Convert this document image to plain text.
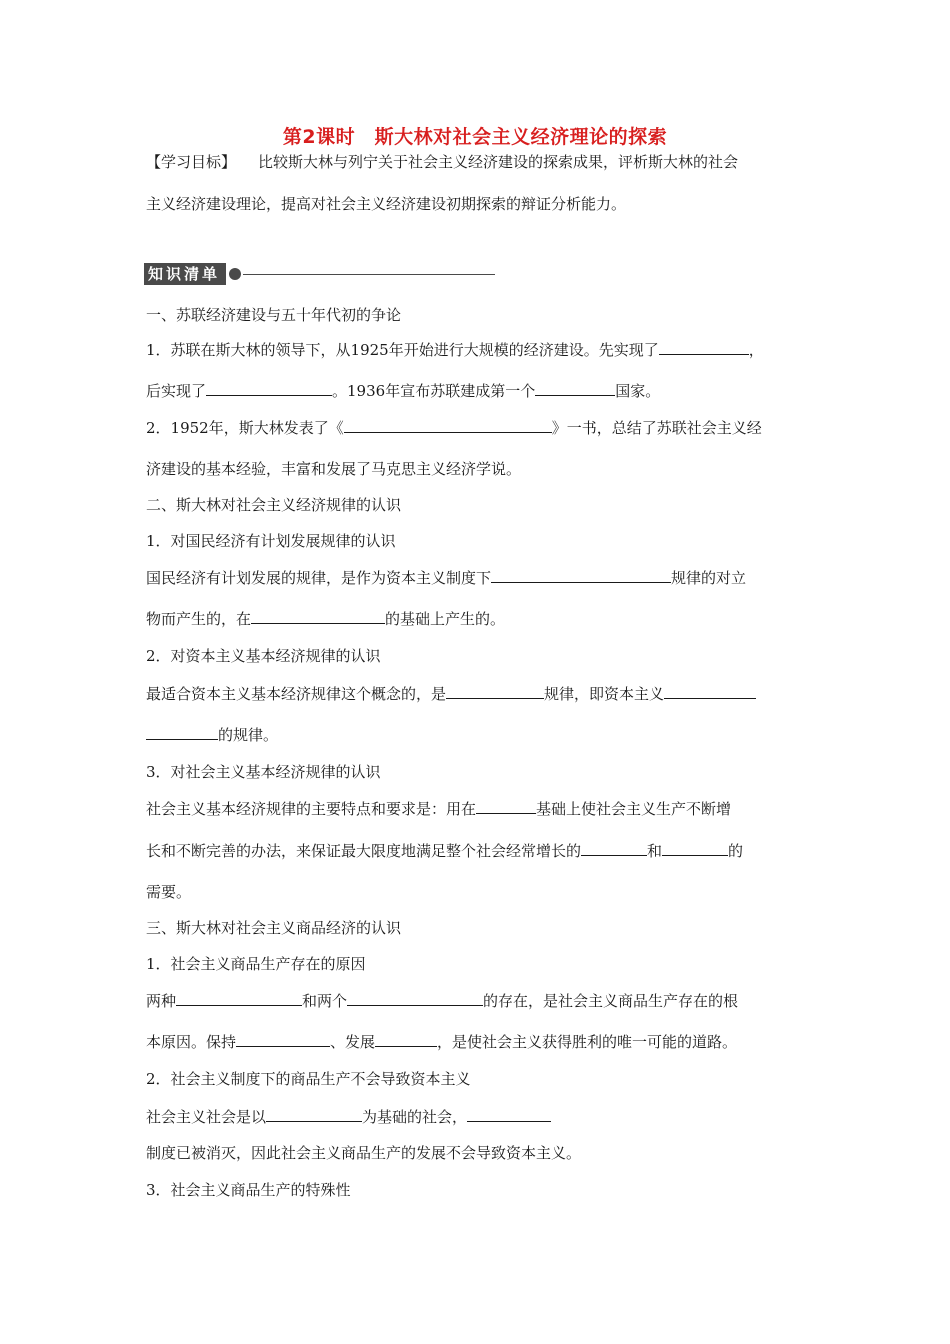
第2课时　斯大林对社会主义经济理论的探索
【学习目标】 比较斯大林与列宁关于社会主义经济建设的探索成果，评析斯大林的社会
主义经济建设理论，提高对社会主义经济建设初期探索的辩证分析能力。
知识清单
一、苏联经济建设与五十年代初的争论
1．苏联在斯大林的领导下，从1925年开始进行大规模的经济建设。先实现了	，
后实现了	。1936年宣布苏联建成第一个	国家。
2．1952年，斯大林发表了《	》一书，总结了苏联社会主义经
济建设的基本经验，丰富和发展了马克思主义经济学说。
二、斯大林对社会主义经济规律的认识
1．对国民经济有计划发展规律的认识
国民经济有计划发展的规律，是作为资本主义制度下	规律的对立
物而产生的，在	的基础上产生的。
2．对资本主义基本经济规律的认识
最适合资本主义基本经济规律这个概念的，是	规律，即资本主义
的规律。
3．对社会主义基本经济规律的认识
社会主义基本经济规律的主要特点和要求是：用在	基础上使社会主义生产不断增
长和不断完善的办法，来保证最大限度地满足整个社会经常增长的	和	的
需要。
三、斯大林对社会主义商品经济的认识
1．社会主义商品生产存在的原因
两种	和两个	的存在，是社会主义商品生产存在的根
本原因。保持	、发展	，是使社会主义获得胜利的唯一可能的道路。
2．社会主义制度下的商品生产不会导致资本主义
社会主义社会是以	为基础的社会，
制度已被消灭，因此社会主义商品生产的发展不会导致资本主义。
3．社会主义商品生产的特殊性
